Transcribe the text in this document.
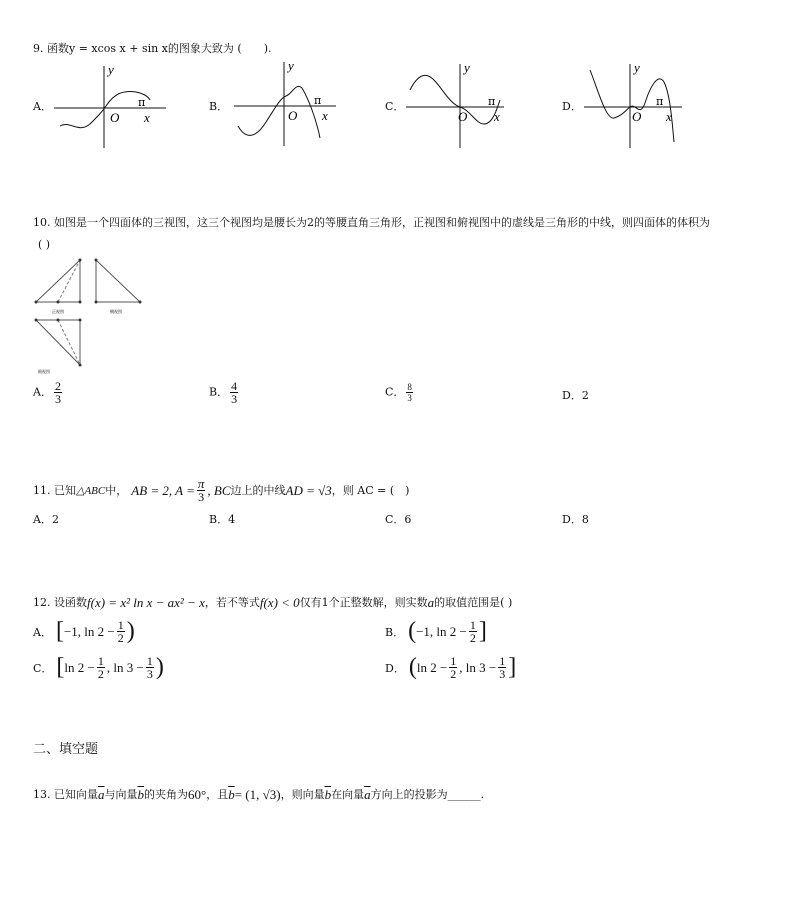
9. 函数y = xcos x + sin x的图象大致为 (　　).
A．	B．	C．	D．
y
O
π
x
y
O
π
x
y
O
π
x
y
O
π
x
10. 如图是一个四面体的三视图，这三个视图均是腰长为2的等腰直角三角形，正视图和俯视图中的虚线是三角形的中线，则四面体的体积为
( )
正视图	侧视图
俯视图
A． $\frac{2}{3}$	B． $\frac{4}{3}$	C． $\frac{8}{3}$	D．2
11. 已知 △ABC 中， AB = 2, $A = \frac{\pi}{3}$ , BC 边上的中线 AD = √3 ，则 AC = (　)
A．2	B．4	C．6	D．8
12. 设函数 f(x) = x² ln x − ax² − x ，若不等式 f(x) < 0 仅有1个正整数解，则实数 a 的取值范围是( )
A． [ −1, $\ln 2 - \frac{1}{2}$ )	B． ( −1, $\ln 2 - \frac{1}{2}$ ]
C． [ $\ln 2 - \frac{1}{2}$ , $\ln 3 - \frac{1}{3}$ )	D． ( $\ln 2 - \frac{1}{2}$ , $\ln 3 - \frac{1}{3}$ ]
二、填空题
13. 已知向量 $\overline{a}$ 与向量 $\overline{b}$ 的夹角为 60° ，且 $\overline{b} = (1$, √3) ，则向量 $\overline{b}$ 在向量 $\overline{a}$ 方向上的投影为______.
